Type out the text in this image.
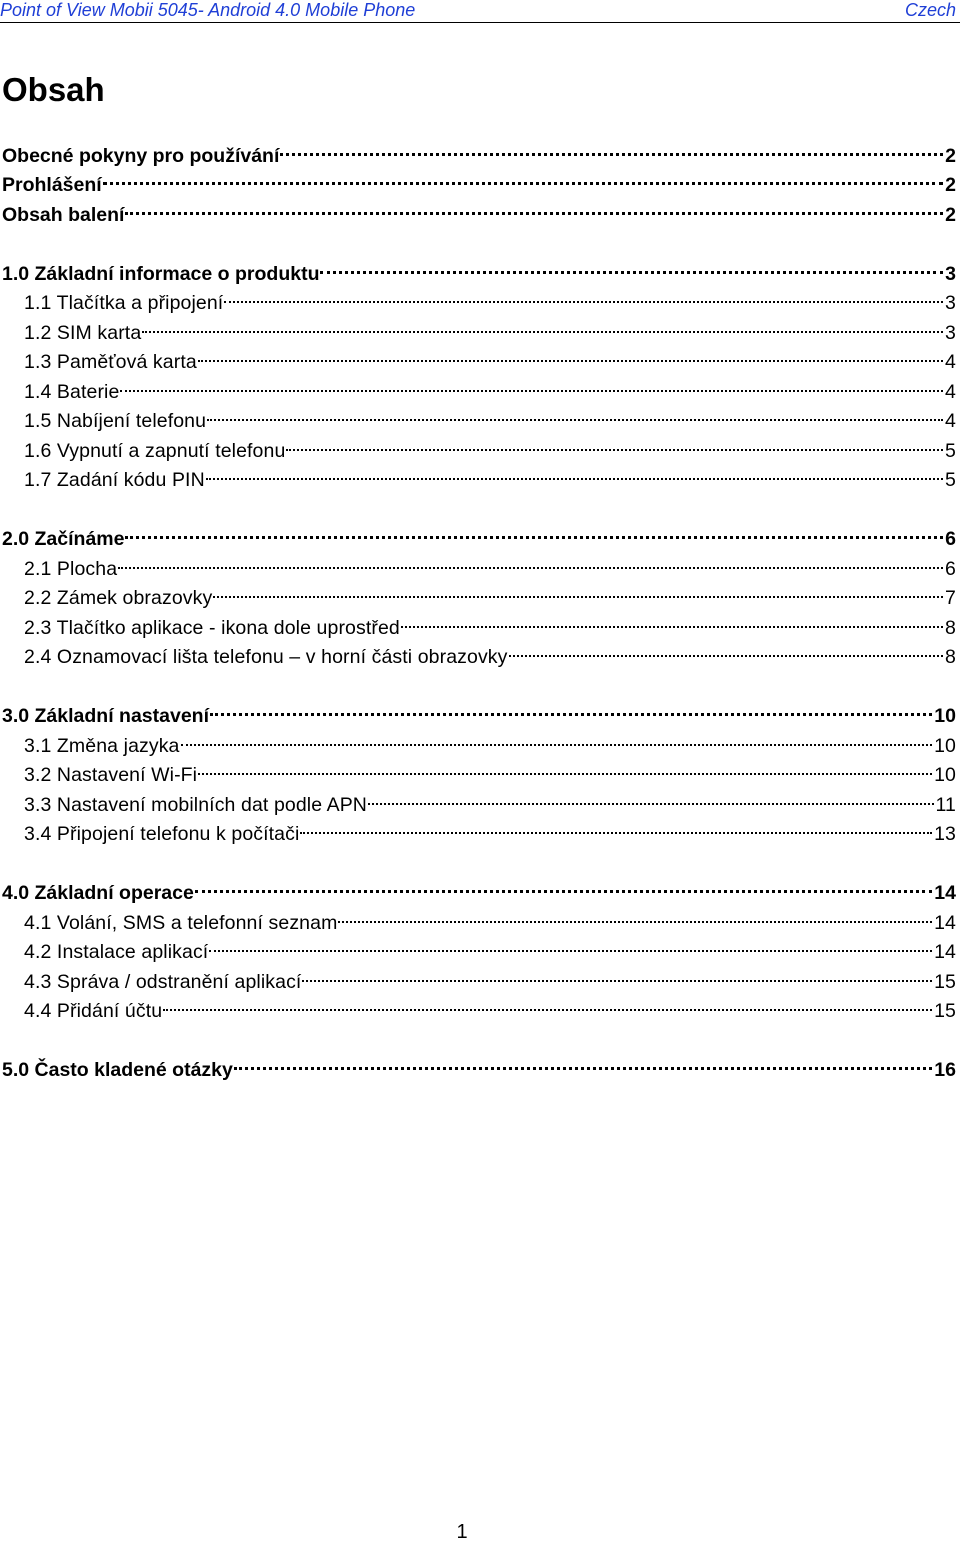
Point of View Mobii 5045- Android 4.0 Mobile Phone	Czech
Obsah
Obecné pokyny pro používání	2
Prohlášení	2
Obsah balení	2
1.0 Základní informace o produktu	3
1.1 Tlačítka a připojení	3
1.2 SIM karta	3
1.3 Paměťová karta	4
1.4 Baterie	4
1.5 Nabíjení telefonu	4
1.6 Vypnutí a zapnutí telefonu	5
1.7 Zadání kódu PIN	5
2.0 Začínáme	6
2.1 Plocha	6
2.2 Zámek obrazovky	7
2.3 Tlačítko aplikace - ikona dole uprostřed	8
2.4 Oznamovací lišta telefonu – v horní části obrazovky	8
3.0 Základní nastavení	10
3.1 Změna jazyka	10
3.2 Nastavení Wi-Fi	10
3.3 Nastavení mobilních dat podle APN	11
3.4 Připojení telefonu k počítači	13
4.0 Základní operace	14
4.1 Volání, SMS a telefonní seznam	14
4.2 Instalace aplikací	14
4.3 Správa / odstranění aplikací	15
4.4 Přidání účtu	15
5.0 Často kladené otázky	16
1
